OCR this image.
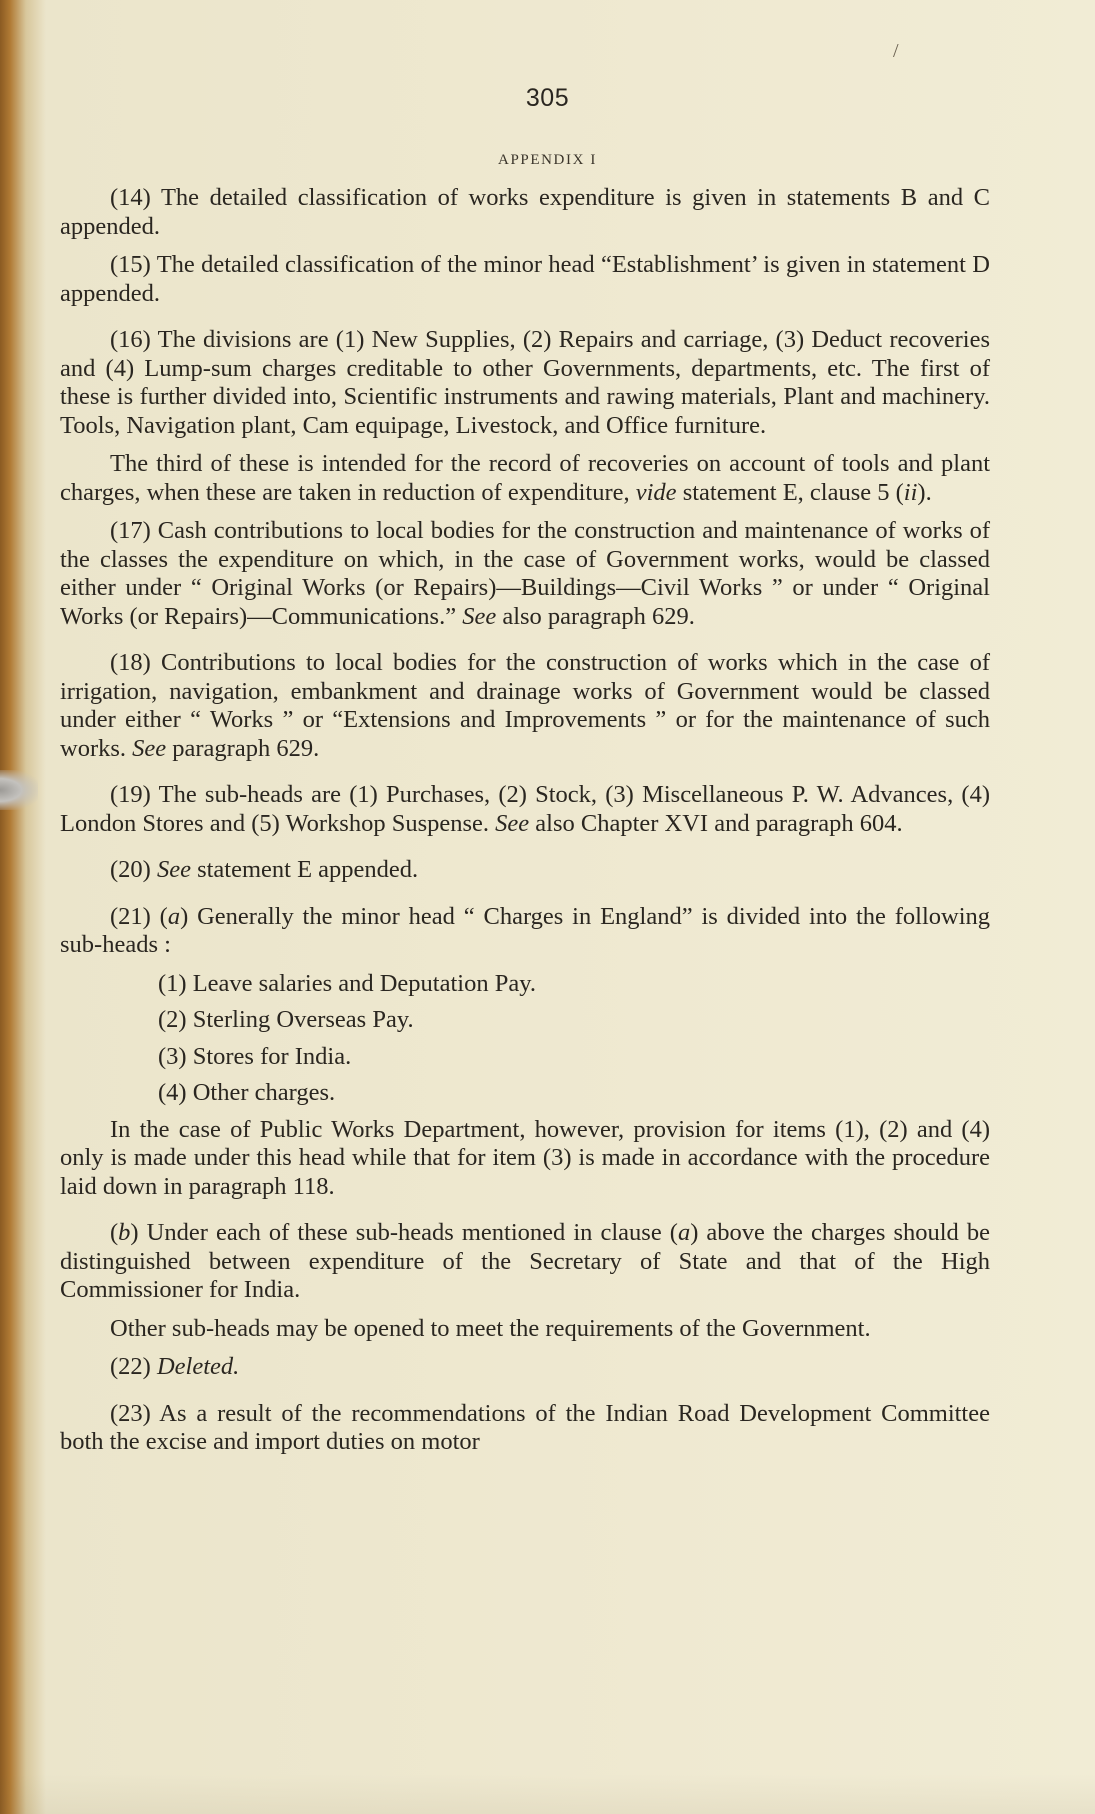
/
305
APPENDIX I

(14) The detailed classification of works expenditure is given in statements B and C appended.

(15) The detailed classification of the minor head “Establishment’ is given in statement D appended.

(16) The divisions are (1) New Supplies, (2) Repairs and carriage, (3) Deduct recoveries and (4) Lump-sum charges creditable to other Governments, departments, etc. The first of these is further divided into, Scientific instruments and rawing materials, Plant and machinery. Tools, Navigation plant, Cam equipage, Livestock, and Office furniture.

The third of these is intended for the record of recoveries on account of tools and plant charges, when these are taken in reduction of expenditure, vide statement E, clause 5 (ii).

(17) Cash contributions to local bodies for the construction and maintenance of works of the classes the expenditure on which, in the case of Government works, would be classed either under “ Original Works (or Repairs)—Buildings—Civil Works ” or under “ Original Works (or Repairs)—Communications.” See also paragraph 629.

(18) Contributions to local bodies for the construction of works which in the case of irrigation, navigation, embankment and drainage works of Government would be classed under either “ Works ” or “Extensions and Improvements ” or for the maintenance of such works. See paragraph 629.

(19) The sub-heads are (1) Purchases, (2) Stock, (3) Miscellaneous P. W. Advances, (4) London Stores and (5) Workshop Suspense. See also Chapter XVI and paragraph 604.

(20) See statement E appended.

(21) (a) Generally the minor head “ Charges in England” is divided into the following sub-heads :

(1) Leave salaries and Deputation Pay.

(2) Sterling Overseas Pay.

(3) Stores for India.

(4) Other charges.

In the case of Public Works Department, however, provision for items (1), (2) and (4) only is made under this head while that for item (3) is made in accordance with the procedure laid down in paragraph 118.

(b) Under each of these sub-heads mentioned in clause (a) above the charges should be distinguished between expenditure of the Secretary of State and that of the High Commissioner for India.

Other sub-heads may be opened to meet the requirements of the Government.

(22) Deleted.

(23) As a result of the recommendations of the Indian Road Development Committee both the excise and import duties on motor
